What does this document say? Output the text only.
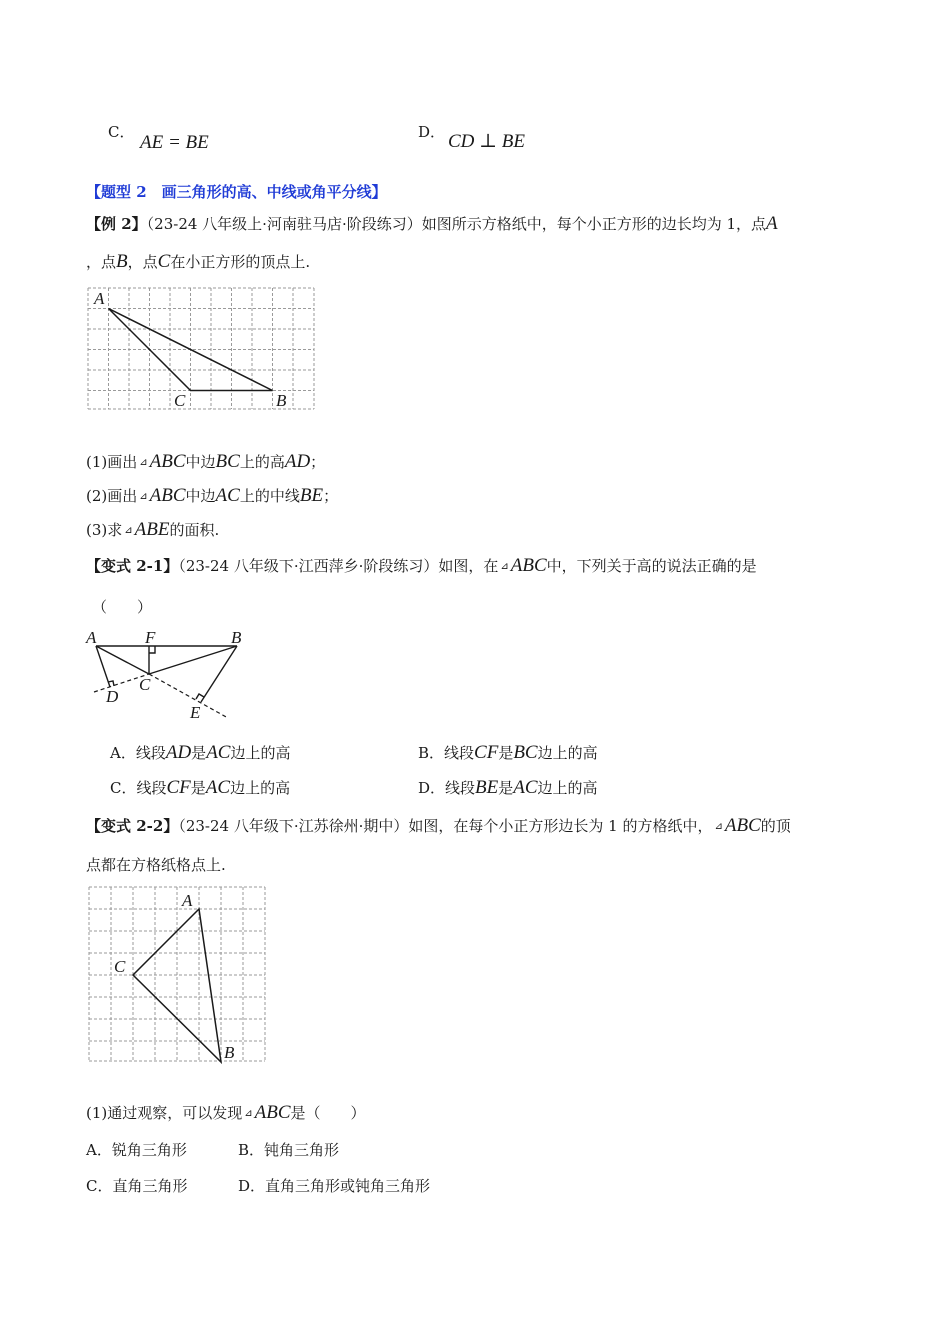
C． AE = BE	D． CD ⊥ BE
【题型 2　画三角形的高、中线或角平分线】
【例 2】（23-24 八年级上·河南驻马店·阶段练习）如图所示方格纸中，每个小正方形的边长均为 1，点A
，点B，点C在小正方形的顶点上.
A
C	B
(1)画出 ⊿ ABC中边BC上的高AD；
(2)画出 ⊿ ABC中边AC上的中线BE；
(3)求 ⊿ ABE的面积.
【变式 2-1】（23-24 八年级下·江西萍乡·阶段练习）如图，在 ⊿ ABC中，下列关于高的说法正确的是
（　　）
A	F	B
C
D
E
A．线段AD是AC边上的高	B．线段CF是BC边上的高
C．线段CF是AC边上的高	D．线段BE是AC边上的高
【变式 2-2】（23-24 八年级下·江苏徐州·期中）如图，在每个小正方形边长为 1 的方格纸中， ⊿ ABC的顶
点都在方格纸格点上.
A
C
B
(1)通过观察，可以发现 ⊿ ABC是（　　）
A．锐角三角形	B．钝角三角形
C．直角三角形	D．直角三角形或钝角三角形
